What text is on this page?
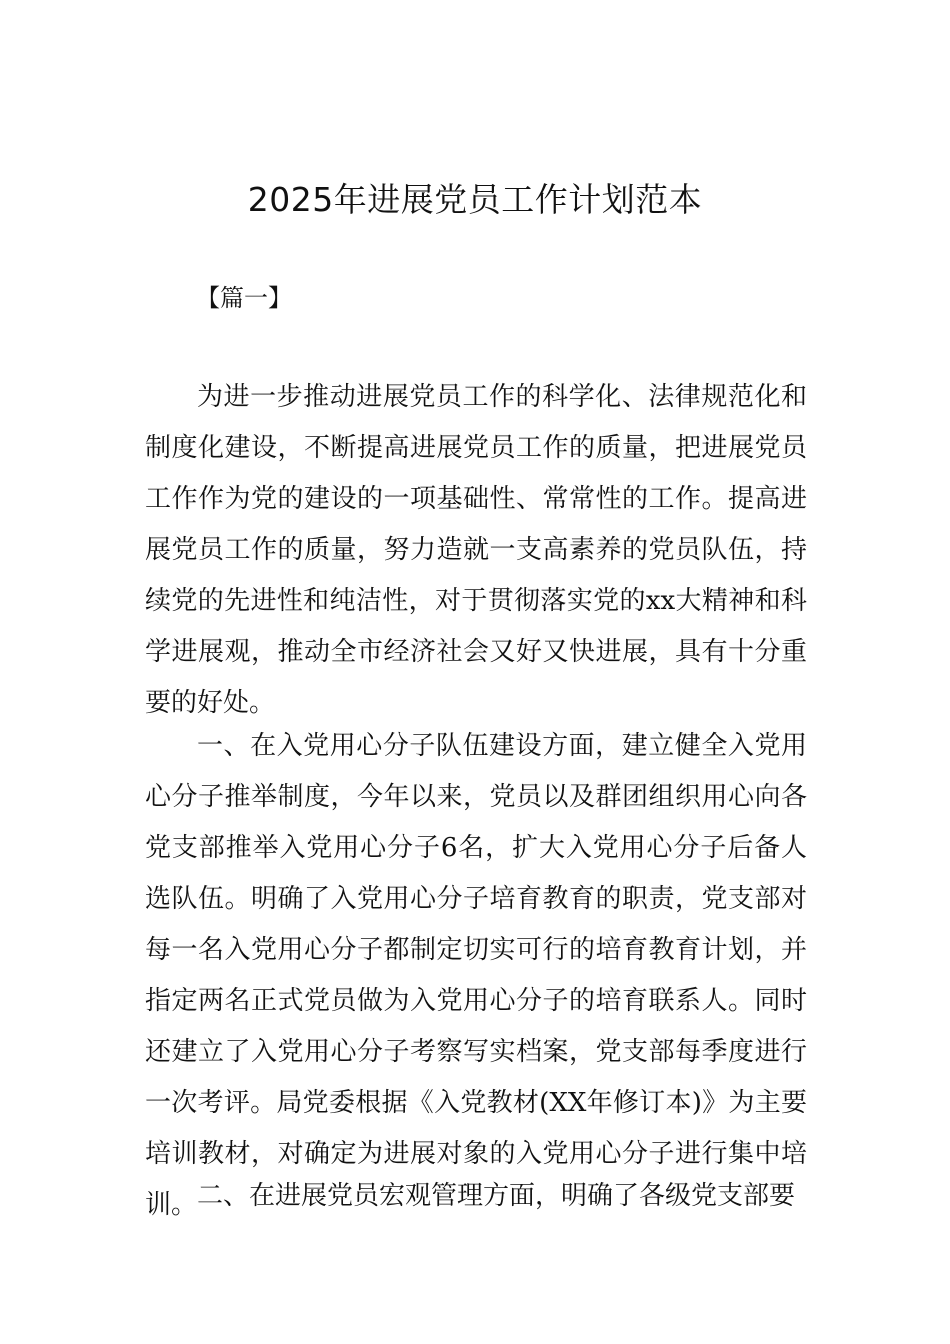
2025年进展党员工作计划范本

【篇一】

为进一步推动进展党员工作的科学化、法律规范化和制度化建设，不断提高进展党员工作的质量，把进展党员工作作为党的建设的一项基础性、常常性的工作。提高进展党员工作的质量，努力造就一支高素养的党员队伍，持续党的先进性和纯洁性，对于贯彻落实党的xx大精神和科学进展观，推动全市经济社会又好又快进展，具有十分重要的好处。

一、在入党用心分子队伍建设方面，建立健全入党用心分子推举制度，今年以来，党员以及群团组织用心向各党支部推举入党用心分子6名，扩大入党用心分子后备人选队伍。明确了入党用心分子培育教育的职责，党支部对每一名入党用心分子都制定切实可行的培育教育计划，并指定两名正式党员做为入党用心分子的培育联系人。同时还建立了入党用心分子考察写实档案，党支部每季度进行一次考评。局党委根据《入党教材(XX年修订本)》为主要培训教材，对确定为进展对象的入党用心分子进行集中培训。 二、在进展党员宏观管理方面，明确了各级党支部要
